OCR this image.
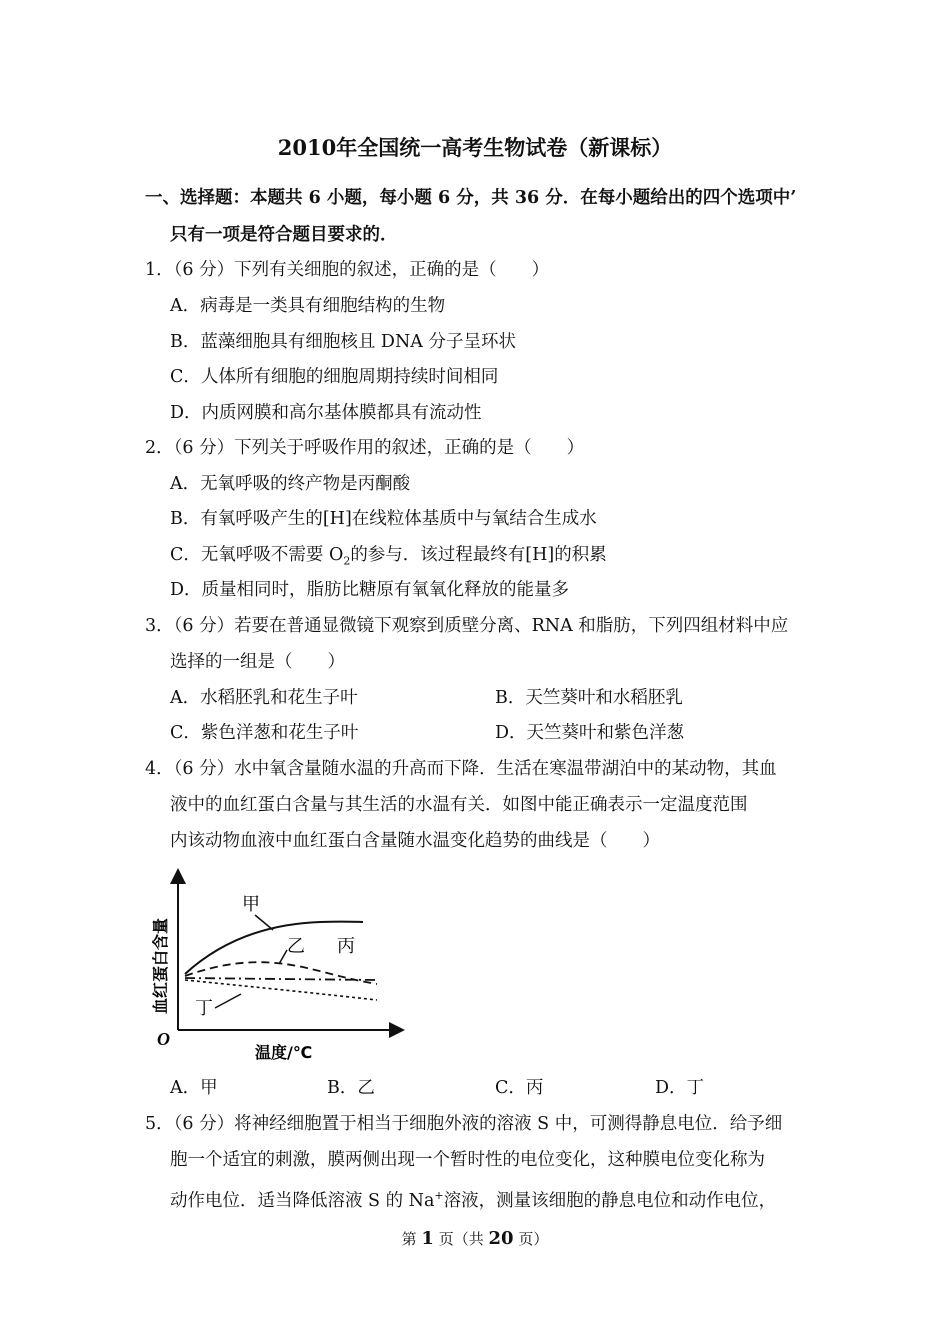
2010年全国统一高考生物试卷（新课标）
一、选择题：本题共 6 小题，每小题 6 分，共 36 分．在每小题给出的四个选项中’
只有一项是符合题目要求的．
1．（6 分）下列有关细胞的叙述，正确的是（　　）
A．病毒是一类具有细胞结构的生物
B．蓝藻细胞具有细胞核且 DNA 分子呈环状
C．人体所有细胞的细胞周期持续时间相同
D．内质网膜和高尔基体膜都具有流动性
2．（6 分）下列关于呼吸作用的叙述，正确的是（　　）
A．无氧呼吸的终产物是丙酮酸
B．有氧呼吸产生的[H]在线粒体基质中与氧结合生成水
C．无氧呼吸不需要 $O_2$的参与．该过程最终有[H]的积累
D．质量相同时，脂肪比糖原有氧氧化释放的能量多
3．（6 分）若要在普通显微镜下观察到质壁分离、RNA 和脂肪，下列四组材料中应
选择的一组是（　　）
A．水稻胚乳和花生子叶	B．天竺葵叶和水稻胚乳
C．紫色洋葱和花生子叶	D．天竺葵叶和紫色洋葱
4．（6 分）水中氧含量随水温的升高而下降．生活在寒温带湖泊中的某动物，其血
液中的血红蛋白含量与其生活的水温有关．如图中能正确表示一定温度范围
内该动物血液中血红蛋白含量随水温变化趋势的曲线是（　　）
O
血红蛋白含量
温度/℃
甲
乙 丙
丁
A．甲	B．乙	C．丙	D．丁
5．（6 分）将神经细胞置于相当于细胞外液的溶液 S 中，可测得静息电位．给予细
胞一个适宜的刺激，膜两侧出现一个暂时性的电位变化，这种膜电位变化称为
动作电位．适当降低溶液 S 的 Na+溶液，测量该细胞的静息电位和动作电位，
第 1 页（共 20 页）
